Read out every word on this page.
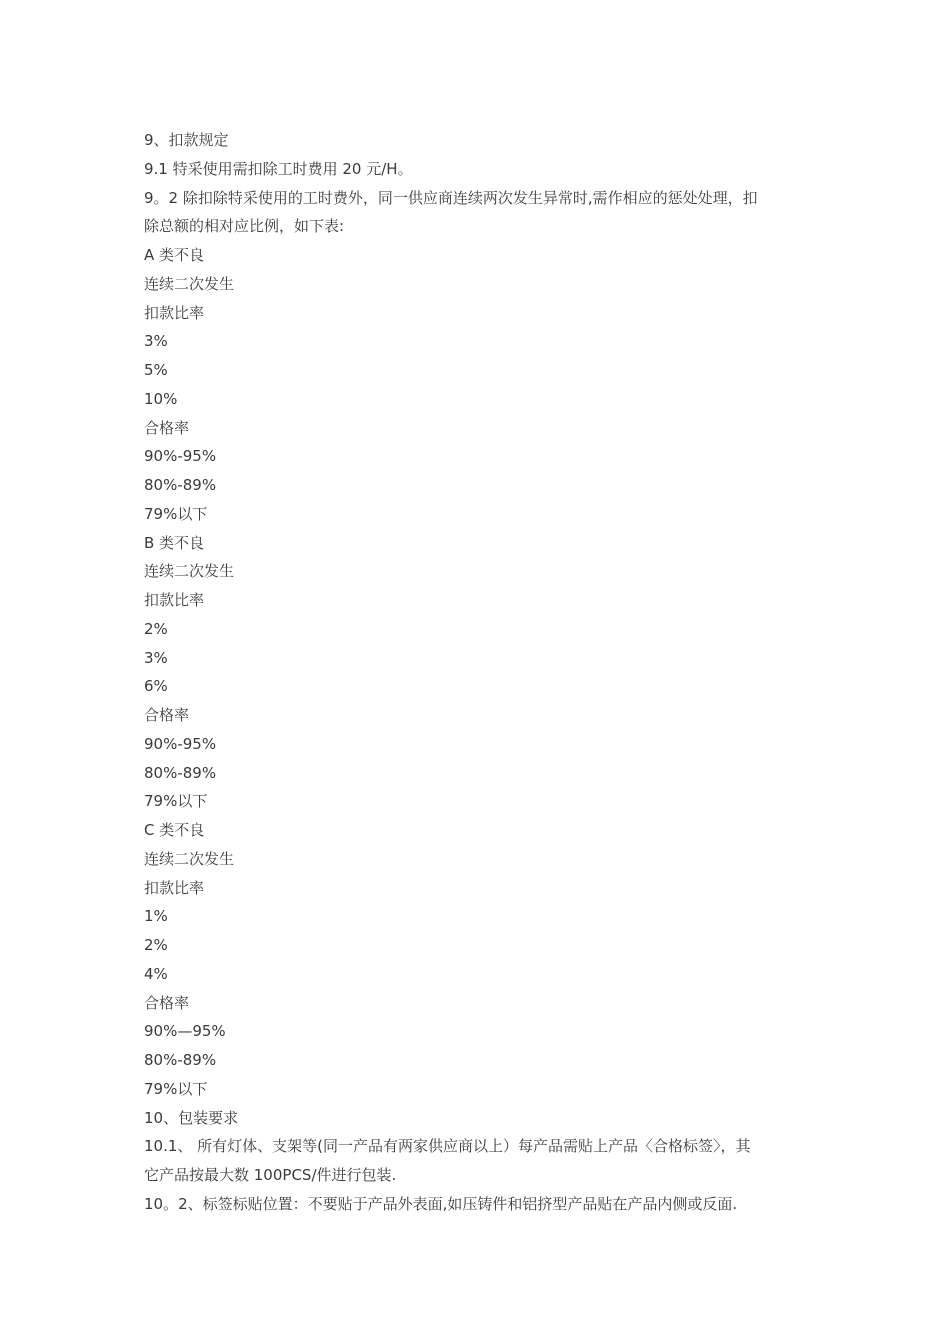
9、扣款规定
9.1 特采使用需扣除工时费用 20 元/H。
9。2 除扣除特采使用的工时费外，同一供应商连续两次发生异常时,需作相应的惩处处理，扣
除总额的相对应比例，如下表:
A 类不良
连续二次发生
扣款比率
3%
5%
10%
合格率
90%-95%
80%-89%
79%以下
B 类不良
连续二次发生
扣款比率
2%
3%
6%
合格率
90%-95%
80%-89%
79%以下
C 类不良
连续二次发生
扣款比率
1%
2%
4%
合格率
90%—95%
80%-89%
79%以下
10、包装要求
10.1、 所有灯体、支架等(同一产品有两家供应商以上）每产品需贴上产品〈合格标签〉，其
它产品按最大数 100PCS/件进行包装.
10。2、标签标贴位置：不要贴于产品外表面,如压铸件和铝挤型产品贴在产品内侧或反面.
